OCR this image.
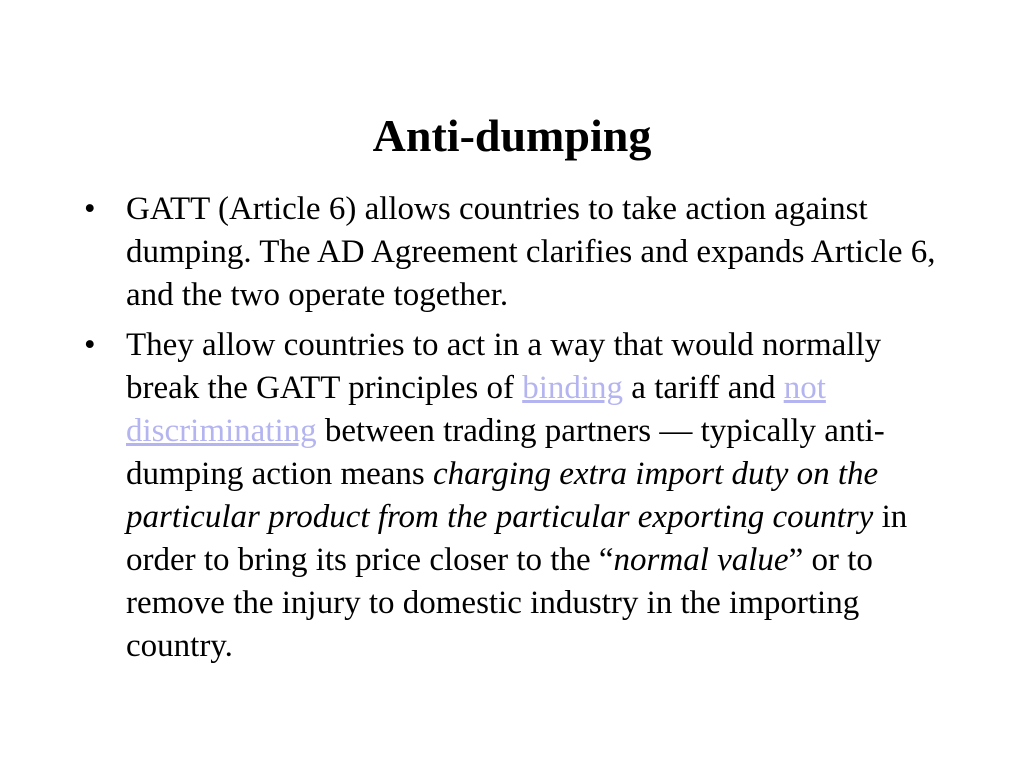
Anti-dumping
• GATT (Article 6) allows countries to take action against dumping. The AD Agreement clarifies and expands Article 6, and the two operate together.
• They allow countries to act in a way that would normally break the GATT principles of binding a tariff and not discriminating between trading partners — typically anti-dumping action means charging extra import duty on the particular product from the particular exporting country in order to bring its price closer to the “normal value” or to remove the injury to domestic industry in the importing country.
